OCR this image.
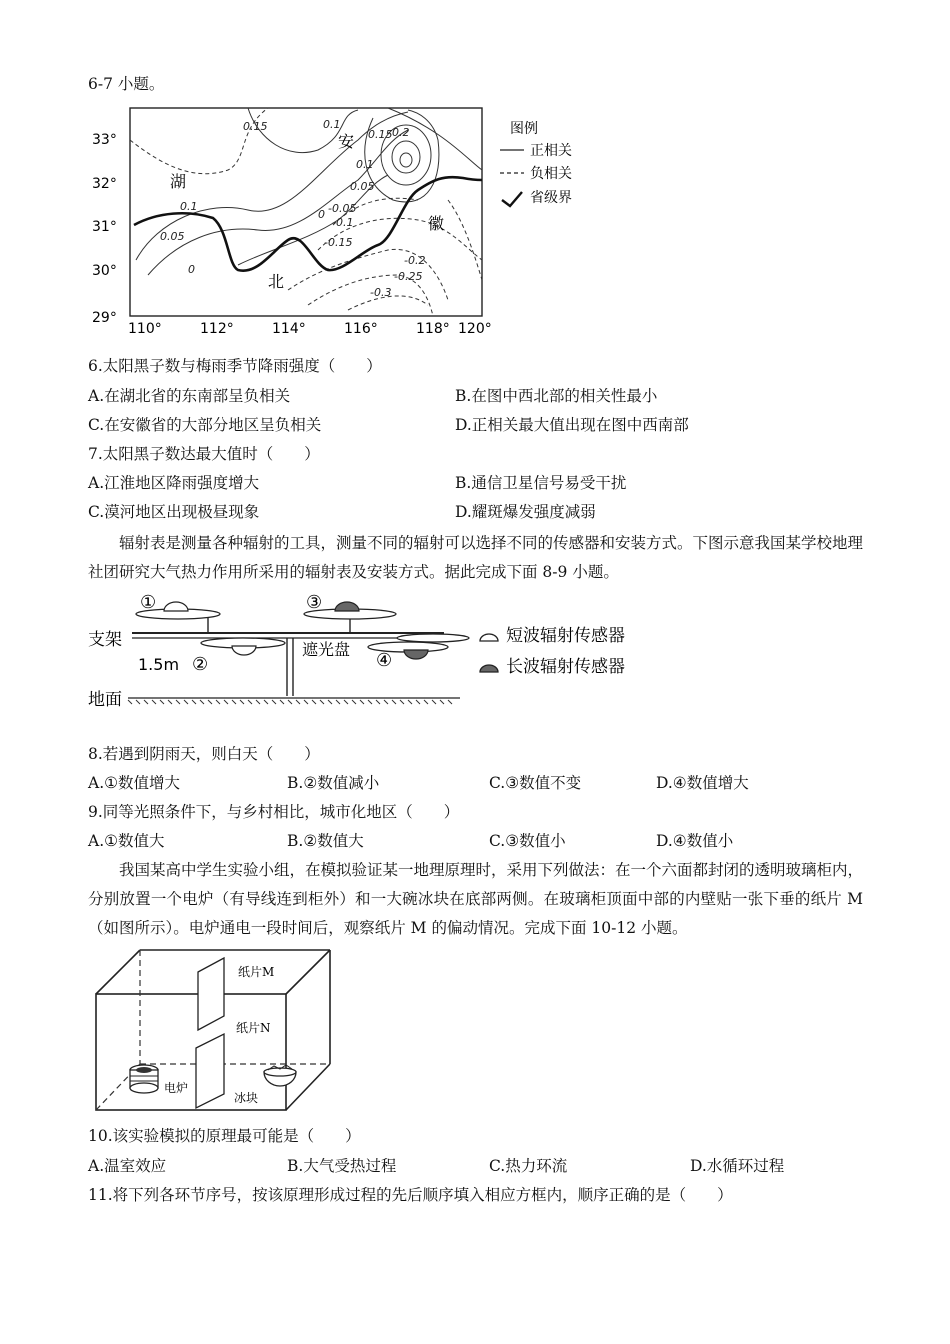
6-7 小题。
33°
32°
31°
30°
29°
110°	112°	114°	116°	118° 120°
湖
北
安
徽
0.15	0.1
0.15 0.2
0.1
0.05
0.1
0.05
0
0 -0.05
-0.1
-0.15
-0.2
-0.25
-0.3
图例
正相关
负相关
省级界
6.太阳黑子数与梅雨季节降雨强度（　　）
A.在湖北省的东南部呈负相关	B.在图中西北部的相关性最小
C.在安徽省的大部分地区呈负相关	D.正相关最大值出现在图中西南部
7.太阳黑子数达最大值时（　　）
A.江淮地区降雨强度增大	B.通信卫星信号易受干扰
C.漠河地区出现极昼现象	D.耀斑爆发强度减弱
辐射表是测量各种辐射的工具，测量不同的辐射可以选择不同的传感器和安装方式。下图示意我国某学校地理社团研究大气热力作用所采用的辐射表及安装方式。据此完成下面 8-9 小题。
①
②
③
④
支架
1.5m
地面
遮光盘
短波辐射传感器
长波辐射传感器
8.若遇到阴雨天，则白天（　　）
A.①数值增大	B.②数值减小	C.③数值不变	D.④数值增大
9.同等光照条件下，与乡村相比，城市化地区（　　）
A.①数值大	B.②数值大	C.③数值小	D.④数值小
我国某高中学生实验小组，在模拟验证某一地理原理时，采用下列做法：在一个六面都封闭的透明玻璃柜内，分别放置一个电炉（有导线连到柜外）和一大碗冰块在底部两侧。在玻璃柜顶面中部的内壁贴一张下垂的纸片 M（如图所示）。电炉通电一段时间后，观察纸片 M 的偏动情况。完成下面 10-12 小题。
纸片M
纸片N
电炉
冰块
10.该实验模拟的原理最可能是（　　）
A.温室效应	B.大气受热过程	C.热力环流	D.水循环过程
11.将下列各环节序号，按该原理形成过程的先后顺序填入相应方框内，顺序正确的是（　　）
